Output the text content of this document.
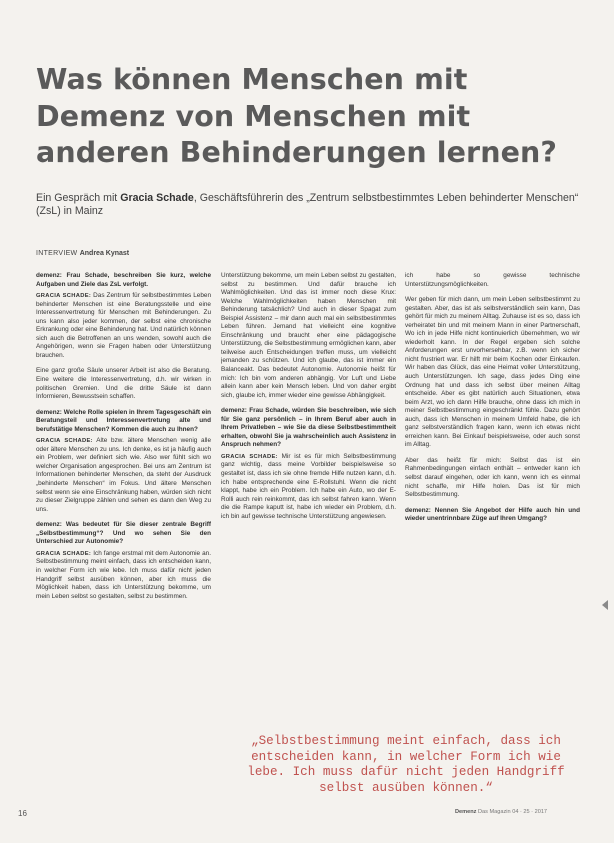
Was können Menschen mit Demenz von Menschen mit anderen Behinderungen lernen?
Ein Gespräch mit Gracia Schade, Geschäftsführerin des „Zentrum selbstbestimmtes Leben behinderter Menschen“ (ZsL) in Mainz
INTERVIEW Andrea Kynast

demenz: Frau Schade, beschreiben Sie kurz, welche Aufgaben und Ziele das ZsL verfolgt.

GRACIA SCHADE: Das Zentrum für selbstbestimmtes Leben behinderter Menschen ist eine Beratungsstelle und eine Interessenvertretung für Menschen mit Behinderungen. Zu uns kann also jeder kommen, der selbst eine chronische Erkrankung oder eine Behinderung hat. Und natürlich können sich auch die Betroffenen an uns wenden, sowohl auch die Angehörigen, wenn sie Fragen haben oder Unterstützung brauchen.

Eine ganz große Säule unserer Arbeit ist also die Beratung. Eine weitere die Interessenvertretung, d.h. wir wirken in politischen Gremien. Und die dritte Säule ist dann Informieren, Bewusstsein schaffen.

demenz: Welche Rolle spielen in Ihrem Tagesgeschäft ein Beratungsteil und Interessenvertretung alte und berufstätige Menschen? Kommen die auch zu Ihnen?

GRACIA SCHADE: Alte bzw. ältere Menschen wenig alle oder ältere Menschen zu uns. Ich denke, es ist ja häufig auch ein Problem, wer definiert sich wie. Also wer fühlt sich wo welcher Organisation angesprochen. Bei uns am Zentrum ist Informationen behinderter Menschen, da steht der Ausdruck „behinderte Menschen“ im Fokus. Und ältere Menschen selbst wenn sie eine Einschränkung haben, würden sich nicht zu dieser Zielgruppe zählen und sehen es dann den Weg zu uns.

demenz: Was bedeutet für Sie dieser zentrale Begriff „Selbstbestimmung“? Und wo sehen Sie den Unterschied zur Autonomie?

GRACIA SCHADE: Ich fange erstmal mit dem Autonomie an. Selbstbestimmung meint einfach, dass ich entscheiden kann, in welcher Form ich wie lebe. Ich muss dafür nicht jeden Handgriff selbst ausüben können, aber ich muss die Möglichkeit haben, dass ich Unterstützung bekomme, um mein Leben selbst so gestalten, selbst zu bestimmen.

Unterstützung bekomme, um mein Leben selbst zu gestalten, selbst zu bestimmen. Und dafür brauche ich Wahlmöglichkeiten. Und das ist immer noch diese Krux: Welche Wahlmöglichkeiten haben Menschen mit Behinderung tatsächlich? Und auch in dieser Spagat zum Beispiel Assistenz – mir dann auch mal ein selbstbestimmtes Leben führen. Jemand hat vielleicht eine kognitive Einschränkung und braucht eher eine pädagogische Unterstützung, die Selbstbestimmung ermöglichen kann, aber teilweise auch Entscheidungen treffen muss, um vielleicht jemanden zu schützen. Und ich glaube, das ist immer ein Balanceakt. Das bedeutet Autonomie. Autonomie heißt für mich: Ich bin vom anderen abhängig. Vor Luft und Liebe allein kann aber kein Mensch leben. Und von daher ergibt sich, glaube ich, immer wieder eine gewisse Abhängigkeit.

demenz: Frau Schade, würden Sie beschreiben, wie sich für Sie ganz persönlich – in Ihrem Beruf aber auch in Ihrem Privatleben – wie Sie da diese Selbstbestimmtheit erhalten, obwohl Sie ja wahrscheinlich auch Assistenz in Anspruch nehmen?

GRACIA SCHADE: Mir ist es für mich Selbstbestimmung ganz wichtig, dass meine Vorbilder beispielsweise so gestaltet ist, dass ich sie ohne fremde Hilfe nutzen kann, d.h. ich habe entsprechende eine E-Rollstuhl. Wenn die nicht klappt, habe ich ein Problem. Ich habe ein Auto, wo der E-Rolli auch rein reinkommt, das ich selbst fahren kann. Wenn die die Rampe kaputt ist, habe ich wieder ein Problem, d.h. ich bin auf gewisse technische Unterstützung angewiesen.

ich habe so gewisse technische Unterstützungsmöglichkeiten.

Wer geben für mich dann, um mein Leben selbstbestimmt zu gestalten. Aber, das ist als selbstverständlich sein kann, Das gehört für mich zu meinem Alltag. Zuhause ist es so, dass ich verheiratet bin und mit meinem Mann in einer Partnerschaft, Wo ich in jede Hilfe nicht kontinuierlich übernehmen, wo wir wiederholt kann. In der Regel ergeben sich solche Anforderungen erst unvorhersehbar, z.B. wenn ich sicher nicht frustriert war. Er hilft mir beim Kochen oder Einkaufen. Wir haben das Glück, das eine Heimat voller Unterstützung, auch Unterstützungen. Ich sage, dass jedes Ding eine Ordnung hat und dass ich selbst über meinen Alltag entscheide. Aber es gibt natürlich auch Situationen, etwa beim Arzt, wo ich dann Hilfe brauche, ohne dass ich mich in meiner Selbstbestimmung eingeschränkt fühle. Dazu gehört auch, dass ich Menschen in meinem Umfeld habe, die ich ganz selbstverständlich fragen kann, wenn ich etwas nicht erreichen kann. Bei Einkauf beispielsweise, oder auch sonst im Alltag.

Aber das heißt für mich: Selbst das ist ein Rahmenbedingungen einfach enthält – entweder kann ich selbst darauf eingehen, oder ich kann, wenn ich es einmal nicht schaffe, mir Hilfe holen. Das ist für mich Selbstbestimmung.

demenz: Nennen Sie Angebot der Hilfe auch hin und wieder unentrinnbare Züge auf Ihren Umgang?

„Selbstbestimmung meint einfach, dass ich entscheiden kann, in welcher Form ich wie lebe. Ich muss dafür nicht jeden Handgriff selbst ausüben können.“
16	Demenz Das Magazin 04 · 25 · 2017
